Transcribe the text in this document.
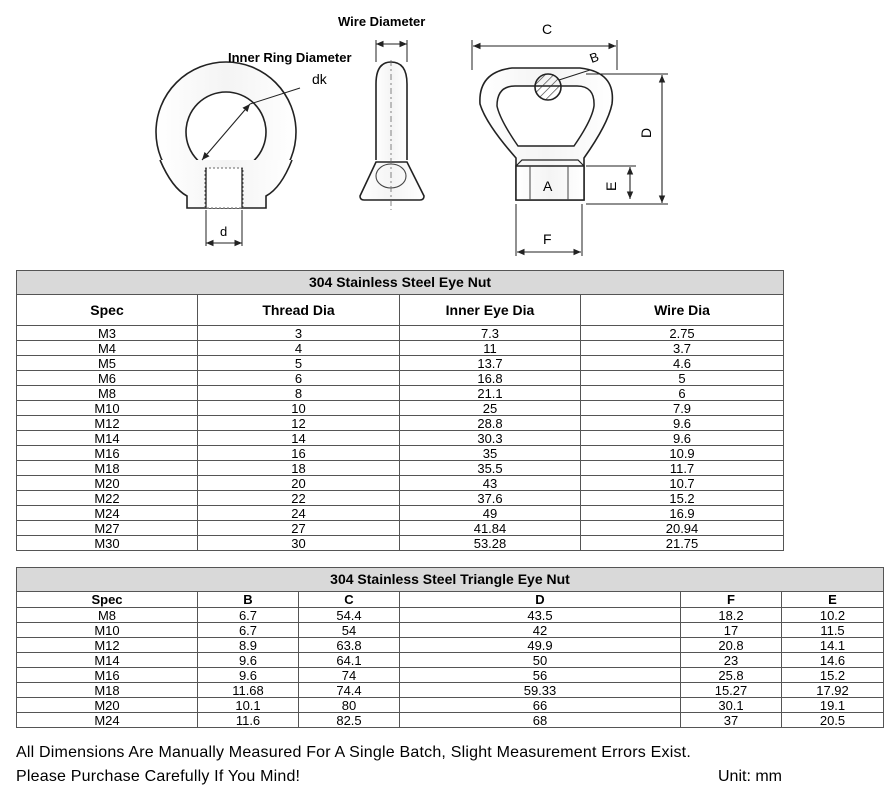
dk
d
Inner Ring Diameter
Wire Diameter
B
C
D
E
A
F
304 Stainless Steel Eye Nut			
Spec	Thread Dia	Inner Eye Dia	Wire Dia
M3	3	7.3	2.75
M4	4	11	3.7
M5	5	13.7	4.6
M6	6	16.8	5
M8	8	21.1	6
M10	10	25	7.9
M12	12	28.8	9.6
M14	14	30.3	9.6
M16	16	35	10.9
M18	18	35.5	11.7
M20	20	43	10.7
M22	22	37.6	15.2
M24	24	49	16.9
M27	27	41.84	20.94
M30	30	53.28	21.75
304 Stainless Steel Triangle Eye Nut					
Spec	B	C	D	F	E
M8	6.7	54.4	43.5	18.2	10.2
M10	6.7	54	42	17	11.5
M12	8.9	63.8	49.9	20.8	14.1
M14	9.6	64.1	50	23	14.6
M16	9.6	74	56	25.8	15.2
M18	11.68	74.4	59.33	15.27	17.92
M20	10.1	80	66	30.1	19.1
M24	11.6	82.5	68	37	20.5
All Dimensions Are Manually Measured For A Single Batch, Slight Measurement Errors Exist.
Please Purchase Carefully If You Mind!	Unit: mm
